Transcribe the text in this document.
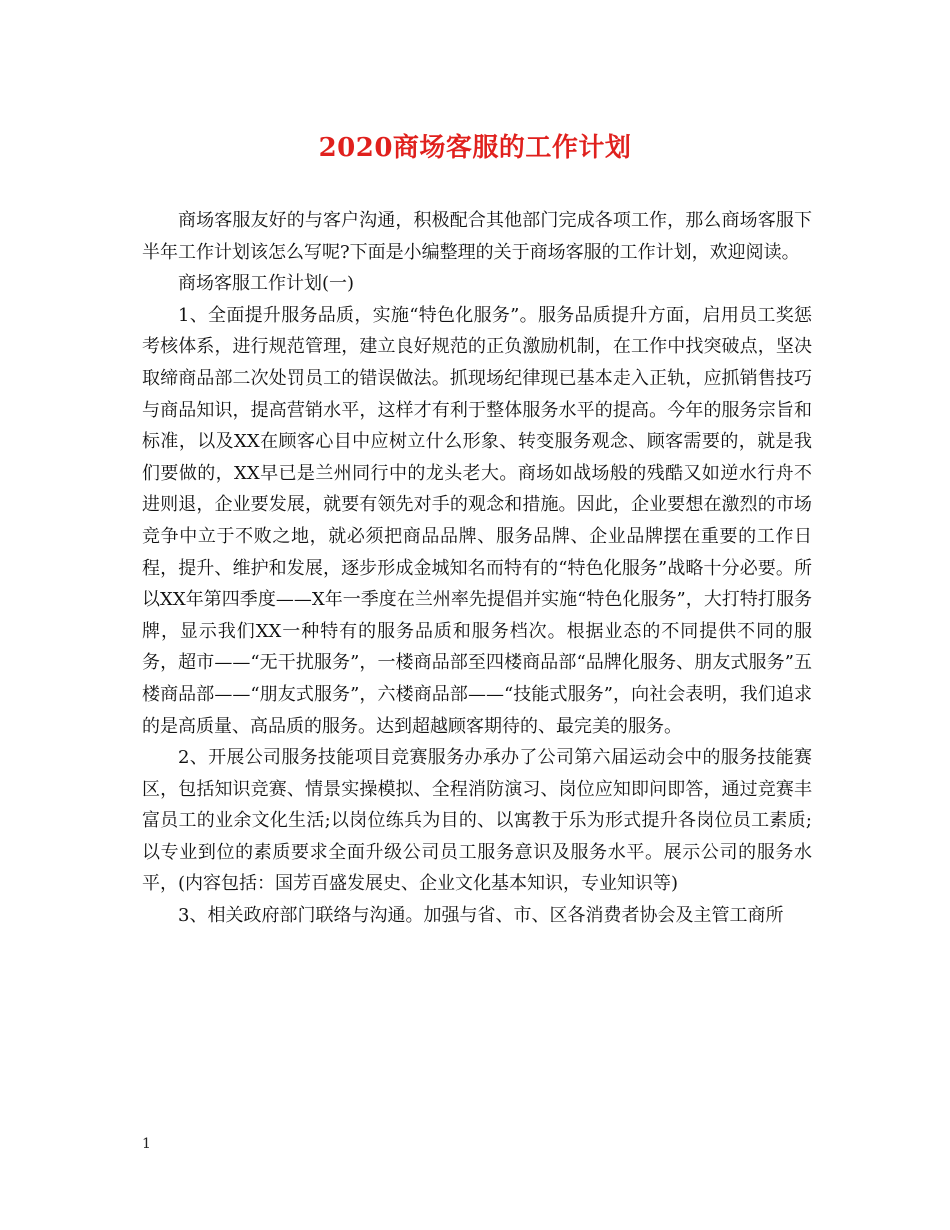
2020商场客服的工作计划

商场客服友好的与客户沟通，积极配合其他部门完成各项工作，那么商场客服下半年工作计划该怎么写呢?下面是小编整理的关于商场客服的工作计划，欢迎阅读。

商场客服工作计划(一)

1、全面提升服务品质，实施“特色化服务”。服务品质提升方面，启用员工奖惩考核体系，进行规范管理，建立良好规范的正负激励机制，在工作中找突破点，坚决取缔商品部二次处罚员工的错误做法。抓现场纪律现已基本走入正轨，应抓销售技巧与商品知识，提高营销水平，这样才有利于整体服务水平的提高。今年的服务宗旨和标准，以及XX在顾客心目中应树立什么形象、转变服务观念、顾客需要的，就是我们要做的，XX早已是兰州同行中的龙头老大。商场如战场般的残酷又如逆水行舟不进则退，企业要发展，就要有领先对手的观念和措施。因此，企业要想在激烈的市场竞争中立于不败之地，就必须把商品品牌、服务品牌、企业品牌摆在重要的工作日程，提升、维护和发展，逐步形成金城知名而特有的“特色化服务”战略十分必要。所以XX年第四季度——X年一季度在兰州率先提倡并实施“特色化服务”，大打特打服务牌，显示我们XX一种特有的服务品质和服务档次。根据业态的不同提供不同的服务，超市——“无干扰服务”，一楼商品部至四楼商品部“品牌化服务、朋友式服务”五楼商品部——“朋友式服务”，六楼商品部——“技能式服务”，向社会表明，我们追求的是高质量、高品质的服务。达到超越顾客期待的、最完美的服务。

2、开展公司服务技能项目竞赛服务办承办了公司第六届运动会中的服务技能赛区，包括知识竞赛、情景实操模拟、全程消防演习、岗位应知即问即答，通过竞赛丰富员工的业余文化生活;以岗位练兵为目的、以寓教于乐为形式提升各岗位员工素质;以专业到位的素质要求全面升级公司员工服务意识及服务水平。展示公司的服务水平，(内容包括：国芳百盛发展史、企业文化基本知识，专业知识等)

3、相关政府部门联络与沟通。加强与省、市、区各消费者协会及主管工商所

1
